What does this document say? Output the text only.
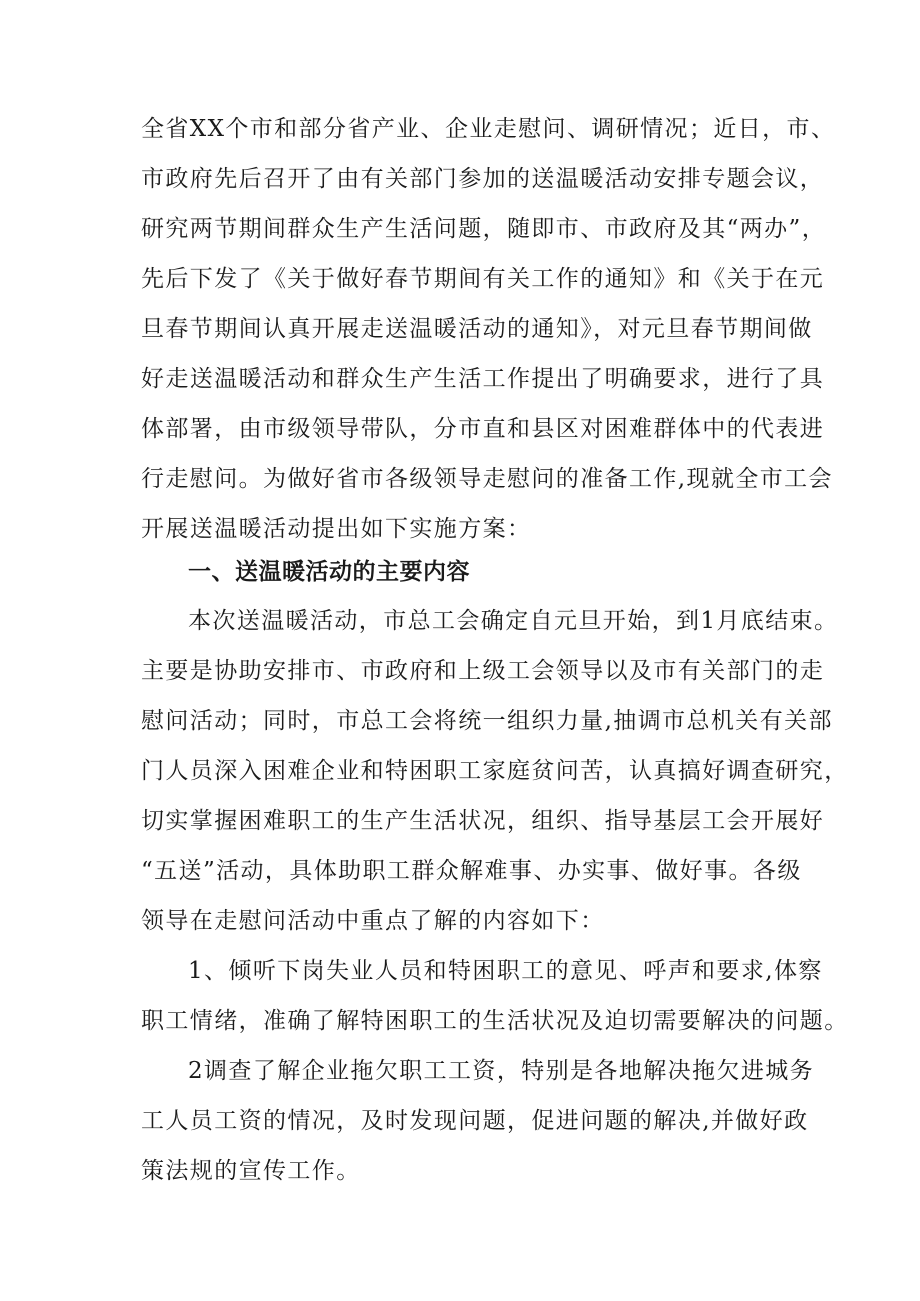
全省XX个市和部分省产业、企业走慰问、调研情况；近日，市、
市政府先后召开了由有关部门参加的送温暖活动安排专题会议，
研究两节期间群众生产生活问题，随即市、市政府及其“两办”，
先后下发了《关于做好春节期间有关工作的通知》和《关于在元
旦春节期间认真开展走送温暖活动的通知》，对元旦春节期间做
好走送温暖活动和群众生产生活工作提出了明确要求，进行了具
体部署，由市级领导带队，分市直和县区对困难群体中的代表进
行走慰问。为做好省市各级领导走慰问的准备工作,现就全市工会
开展送温暖活动提出如下实施方案：
一、送温暖活动的主要内容
本次送温暖活动，市总工会确定自元旦开始，到1月底结束。
主要是协助安排市、市政府和上级工会领导以及市有关部门的走
慰问活动；同时，市总工会将统一组织力量,抽调市总机关有关部
门人员深入困难企业和特困职工家庭贫问苦，认真搞好调查研究，
切实掌握困难职工的生产生活状况，组织、指导基层工会开展好
“五送”活动，具体助职工群众解难事、办实事、做好事。各级
领导在走慰问活动中重点了解的内容如下：
1、倾听下岗失业人员和特困职工的意见、呼声和要求,体察
职工情绪，准确了解特困职工的生活状况及迫切需要解决的问题。
2调查了解企业拖欠职工工资，特别是各地解决拖欠进城务
工人员工资的情况，及时发现问题，促进问题的解决,并做好政
策法规的宣传工作。
